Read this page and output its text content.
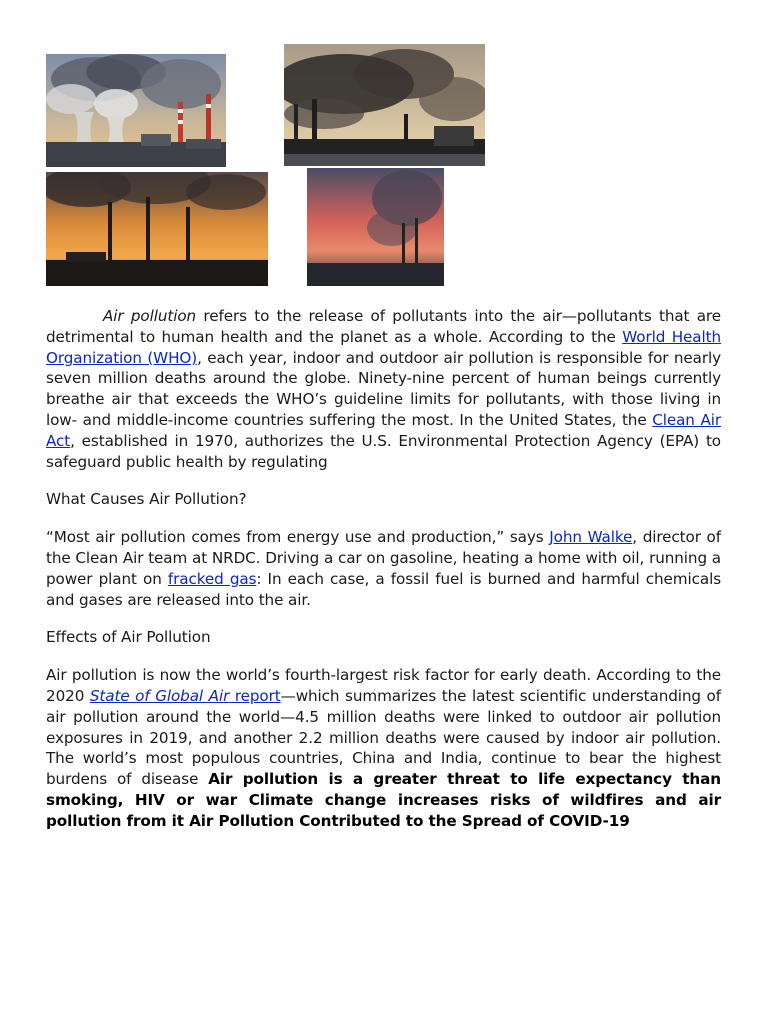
Air pollution refers to the release of pollutants into the air—pollutants that are detrimental to human health and the planet as a whole. According to the World Health Organization (WHO), each year, indoor and outdoor air pollution is responsible for nearly seven million deaths around the globe. Ninety-nine percent of human beings currently breathe air that exceeds the WHO’s guideline limits for pollutants, with those living in low- and middle-income countries suffering the most. In the United States, the Clean Air Act, established in 1970, authorizes the U.S. Environmental Protection Agency (EPA) to safeguard public health by regulating

What Causes Air Pollution?

“Most air pollution comes from energy use and production,” says John Walke, director of the Clean Air team at NRDC. Driving a car on gasoline, heating a home with oil, running a power plant on fracked gas: In each case, a fossil fuel is burned and harmful chemicals and gases are released into the air.

Effects of Air Pollution

Air pollution is now the world’s fourth-largest risk factor for early death. According to the 2020 State of Global Air report—which summarizes the latest scientific understanding of air pollution around the world—4.5 million deaths were linked to outdoor air pollution exposures in 2019, and another 2.2 million deaths were caused by indoor air pollution. The world’s most populous countries, China and India, continue to bear the highest burdens of disease Air pollution is a greater threat to life expectancy than smoking, HIV or war Climate change increases risks of wildfires and air pollution from it Air Pollution Contributed to the Spread of COVID-19
